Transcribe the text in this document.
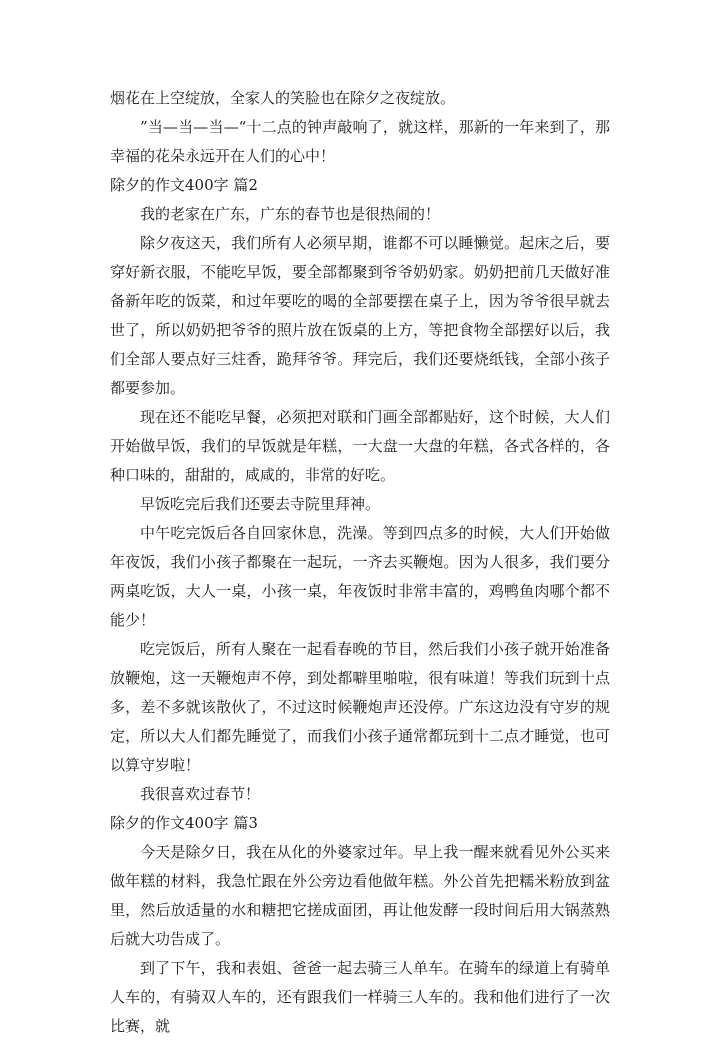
烟花在上空绽放，全家人的笑脸也在除夕之夜绽放。

”当—当—当—“十二点的钟声敲响了，就这样，那新的一年来到了，那幸福的花朵永远开在人们的心中！

除夕的作文400字 篇2

我的老家在广东，广东的春节也是很热闹的！

除夕夜这天，我们所有人必须早期，谁都不可以睡懒觉。起床之后，要穿好新衣服，不能吃早饭，要全部都聚到爷爷奶奶家。奶奶把前几天做好准备新年吃的饭菜，和过年要吃的喝的全部要摆在桌子上，因为爷爷很早就去世了，所以奶奶把爷爷的照片放在饭桌的上方，等把食物全部摆好以后，我们全部人要点好三炷香，跪拜爷爷。拜完后，我们还要烧纸钱，全部小孩子都要参加。

现在还不能吃早餐，必须把对联和门画全部都贴好，这个时候，大人们开始做早饭，我们的早饭就是年糕，一大盘一大盘的年糕，各式各样的，各种口味的，甜甜的，咸咸的，非常的好吃。

早饭吃完后我们还要去寺院里拜神。

中午吃完饭后各自回家休息，洗澡。等到四点多的时候，大人们开始做年夜饭，我们小孩子都聚在一起玩，一齐去买鞭炮。因为人很多，我们要分两桌吃饭，大人一桌，小孩一桌，年夜饭时非常丰富的，鸡鸭鱼肉哪个都不能少！

吃完饭后，所有人聚在一起看春晚的节目，然后我们小孩子就开始准备放鞭炮，这一天鞭炮声不停，到处都噼里啪啦，很有味道！等我们玩到十点多，差不多就该散伙了，不过这时候鞭炮声还没停。广东这边没有守岁的规定，所以大人们都先睡觉了，而我们小孩子通常都玩到十二点才睡觉，也可以算守岁啦！

我很喜欢过春节！

除夕的作文400字 篇3

今天是除夕日，我在从化的外婆家过年。早上我一醒来就看见外公买来做年糕的材料，我急忙跟在外公旁边看他做年糕。外公首先把糯米粉放到盆里，然后放适量的水和糖把它搓成面团，再让他发酵一段时间后用大锅蒸熟后就大功告成了。

到了下午，我和表姐、爸爸一起去骑三人单车。在骑车的绿道上有骑单人车的，有骑双人车的，还有跟我们一样骑三人车的。我和他们进行了一次比赛，就
